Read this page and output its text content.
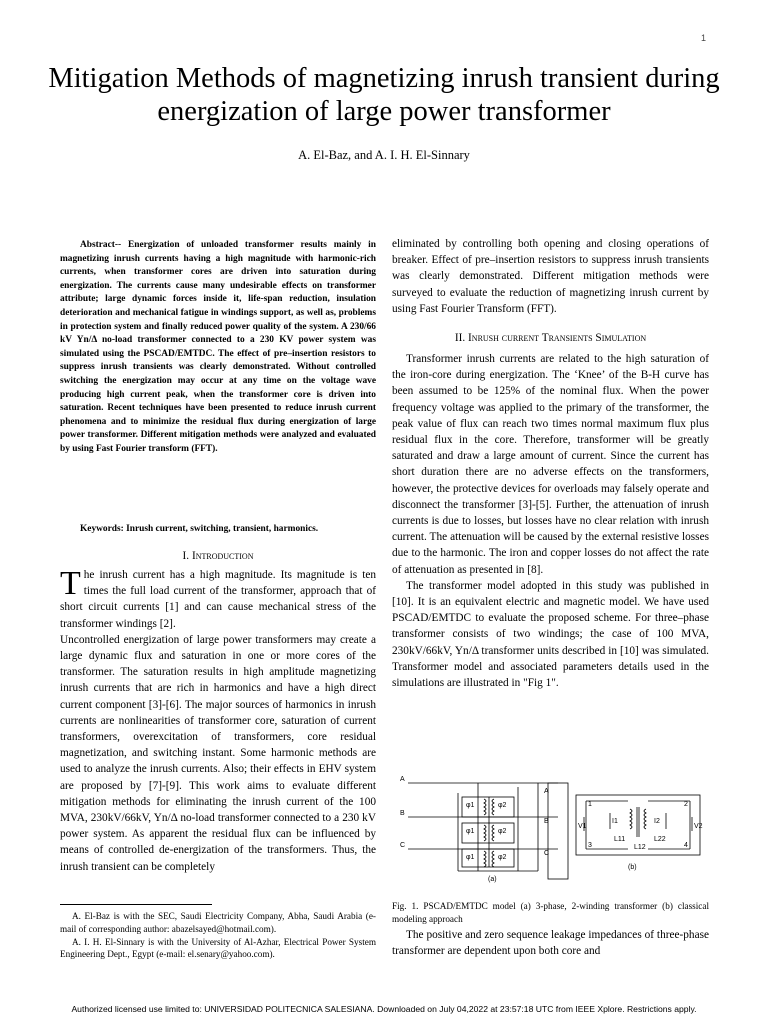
1
Mitigation Methods of magnetizing inrush transient during energization of large power transformer
A. El-Baz, and A. I. H. El-Sinnary
Abstract-- Energization of unloaded transformer results mainly in magnetizing inrush currents having a high magnitude with harmonic-rich currents, when transformer cores are driven into saturation during energization. The currents cause many undesirable effects on transformer attribute; large dynamic forces inside it, life-span reduction, insulation deterioration and mechanical fatigue in windings support, as well as, problems in protection system and finally reduced power quality of the system. A 230/66 kV Yn/Δ no-load transformer connected to a 230 KV power system was simulated using the PSCAD/EMTDC. The effect of pre–insertion resistors to suppress inrush transients was clearly demonstrated. Without controlled switching the energization may occur at any time on the voltage wave producing high current peak, when the transformer core is driven into saturation. Recent techniques have been presented to reduce inrush current phenomena and to minimize the residual flux during energization of large power transformer. Different mitigation methods were analyzed and evaluated by using Fast Fourier transform (FFT).
Keywords: Inrush current, switching, transient, harmonics.
I. Introduction

The inrush current has a high magnitude. Its magnitude is ten times the full load current of the transformer, approach that of short circuit currents [1] and can cause mechanical stress of the transformer windings [2].

Uncontrolled energization of large power transformers may create a large dynamic flux and saturation in one or more cores of the transformer. The saturation results in high amplitude magnetizing inrush currents that are rich in harmonics and have a high direct current component [3]-[6]. The major sources of harmonics in inrush currents are nonlinearities of transformer core, saturation of current transformers, overexcitation of transformers, core residual magnetization, and switching instant. Some harmonic methods are used to analyze the inrush currents. Also; their effects in EHV system are proposed by [7]-[9]. This work aims to evaluate different mitigation methods for eliminating the inrush current of the 100 MVA, 230kV/66kV, Yn/Δ no-load transformer connected to a 230 kV power system. As apparent the residual flux can be influenced by means of controlled de-energization of the transformers. Thus, the inrush transient can be completely

A. El-Baz is with the SEC, Saudi Electricity Company, Abha, Saudi Arabia (e-mail of corresponding author: abazelsayed@hotmail.com).

A. I. H. El-Sinnary is with the University of Al-Azhar, Electrical Power System Engineering Dept., Egypt (e-mail: el.senary@yahoo.com).

eliminated by controlling both opening and closing operations of breaker. Effect of pre–insertion resistors to suppress inrush transients was clearly demonstrated. Different mitigation methods were surveyed to evaluate the reduction of magnetizing inrush current by using Fast Fourier Transform (FFT).

II. Inrush current Transients Simulation

Transformer inrush currents are related to the high saturation of the iron-core during energization. The ‘Knee’ of the B-H curve has been assumed to be 125% of the nominal flux. When the power frequency voltage was applied to the primary of the transformer, the peak value of flux can reach two times normal maximum flux plus residual flux in the core. Therefore, transformer will be greatly saturated and draw a large amount of current. Since the current has short duration there are no adverse effects on the transformers, however, the protective devices for overloads may falsely operate and disconnect the transformer [3]-[5]. Further, the attenuation of inrush currents is due to losses, but losses have no clear relation with inrush current. The attenuation will be caused by the external resistive losses due to the harmonic. The iron and copper losses do not affect the rate of attenuation as presented in [8].

The transformer model adopted in this study was published in [10]. It is an equivalent electric and magnetic model. We have used PSCAD/EMTDC to evaluate the proposed scheme. For three–phase transformer consists of two windings; the case of 100 MVA, 230kV/66kV, Yn/Δ transformer units described in [10] was simulated. Transformer model and associated parameters details used in the simulations are illustrated in "Fig 1".

A
B
C
A
B
C
φ1	φ2
φ1	φ2
φ1	φ2
(a)
(b)
V1	V2
I1	I2
L11	L22
L12
1	2
3	4
Fig. 1. PSCAD/EMTDC model (a) 3-phase, 2-winding transformer (b) classical modeling approach
The positive and zero sequence leakage impedances of three-phase transformer are dependent upon both core and
Authorized licensed use limited to: UNIVERSIDAD POLITECNICA SALESIANA. Downloaded on July 04,2022 at 23:57:18 UTC from IEEE Xplore. Restrictions apply.
